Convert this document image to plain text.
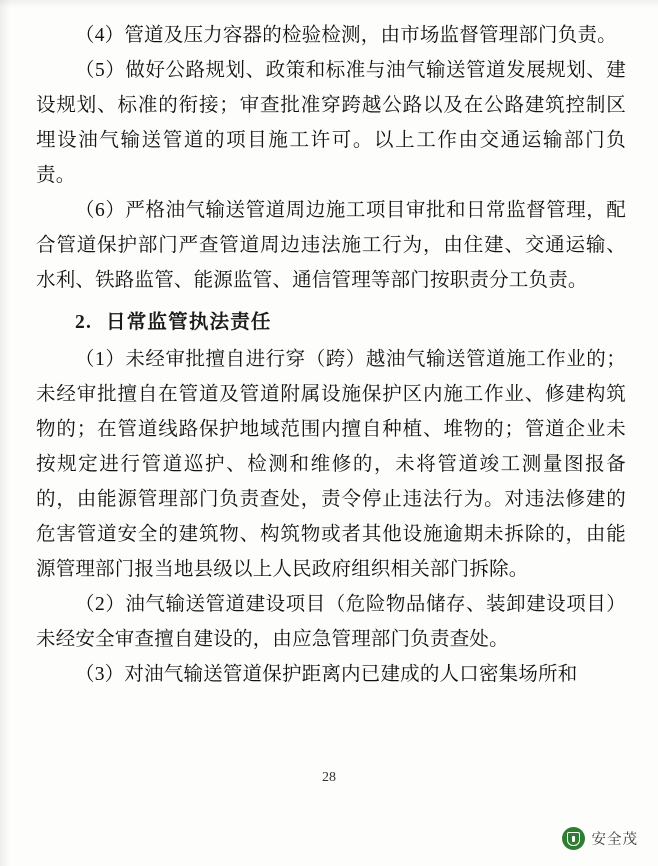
（4）管道及压力容器的检验检测，由市场监督管理部门负责。

（5）做好公路规划、政策和标准与油气输送管道发展规划、建设规划、标准的衔接；审查批准穿跨越公路以及在公路建筑控制区埋设油气输送管道的项目施工许可。以上工作由交通运输部门负责。

（6）严格油气输送管道周边施工项目审批和日常监督管理，配合管道保护部门严查管道周边违法施工行为，由住建、交通运输、水利、铁路监管、能源监管、通信管理等部门按职责分工负责。

2. 日常监管执法责任

（1）未经审批擅自进行穿（跨）越油气输送管道施工作业的；未经审批擅自在管道及管道附属设施保护区内施工作业、修建构筑物的；在管道线路保护地域范围内擅自种植、堆物的；管道企业未按规定进行管道巡护、检测和维修的，未将管道竣工测量图报备的，由能源管理部门负责查处，责令停止违法行为。对违法修建的危害管道安全的建筑物、构筑物或者其他设施逾期未拆除的，由能源管理部门报当地县级以上人民政府组织相关部门拆除。

（2）油气输送管道建设项目（危险物品储存、装卸建设项目）未经安全审查擅自建设的，由应急管理部门负责查处。

（3）对油气输送管道保护距离内已建成的人口密集场所和

28
安全茂
